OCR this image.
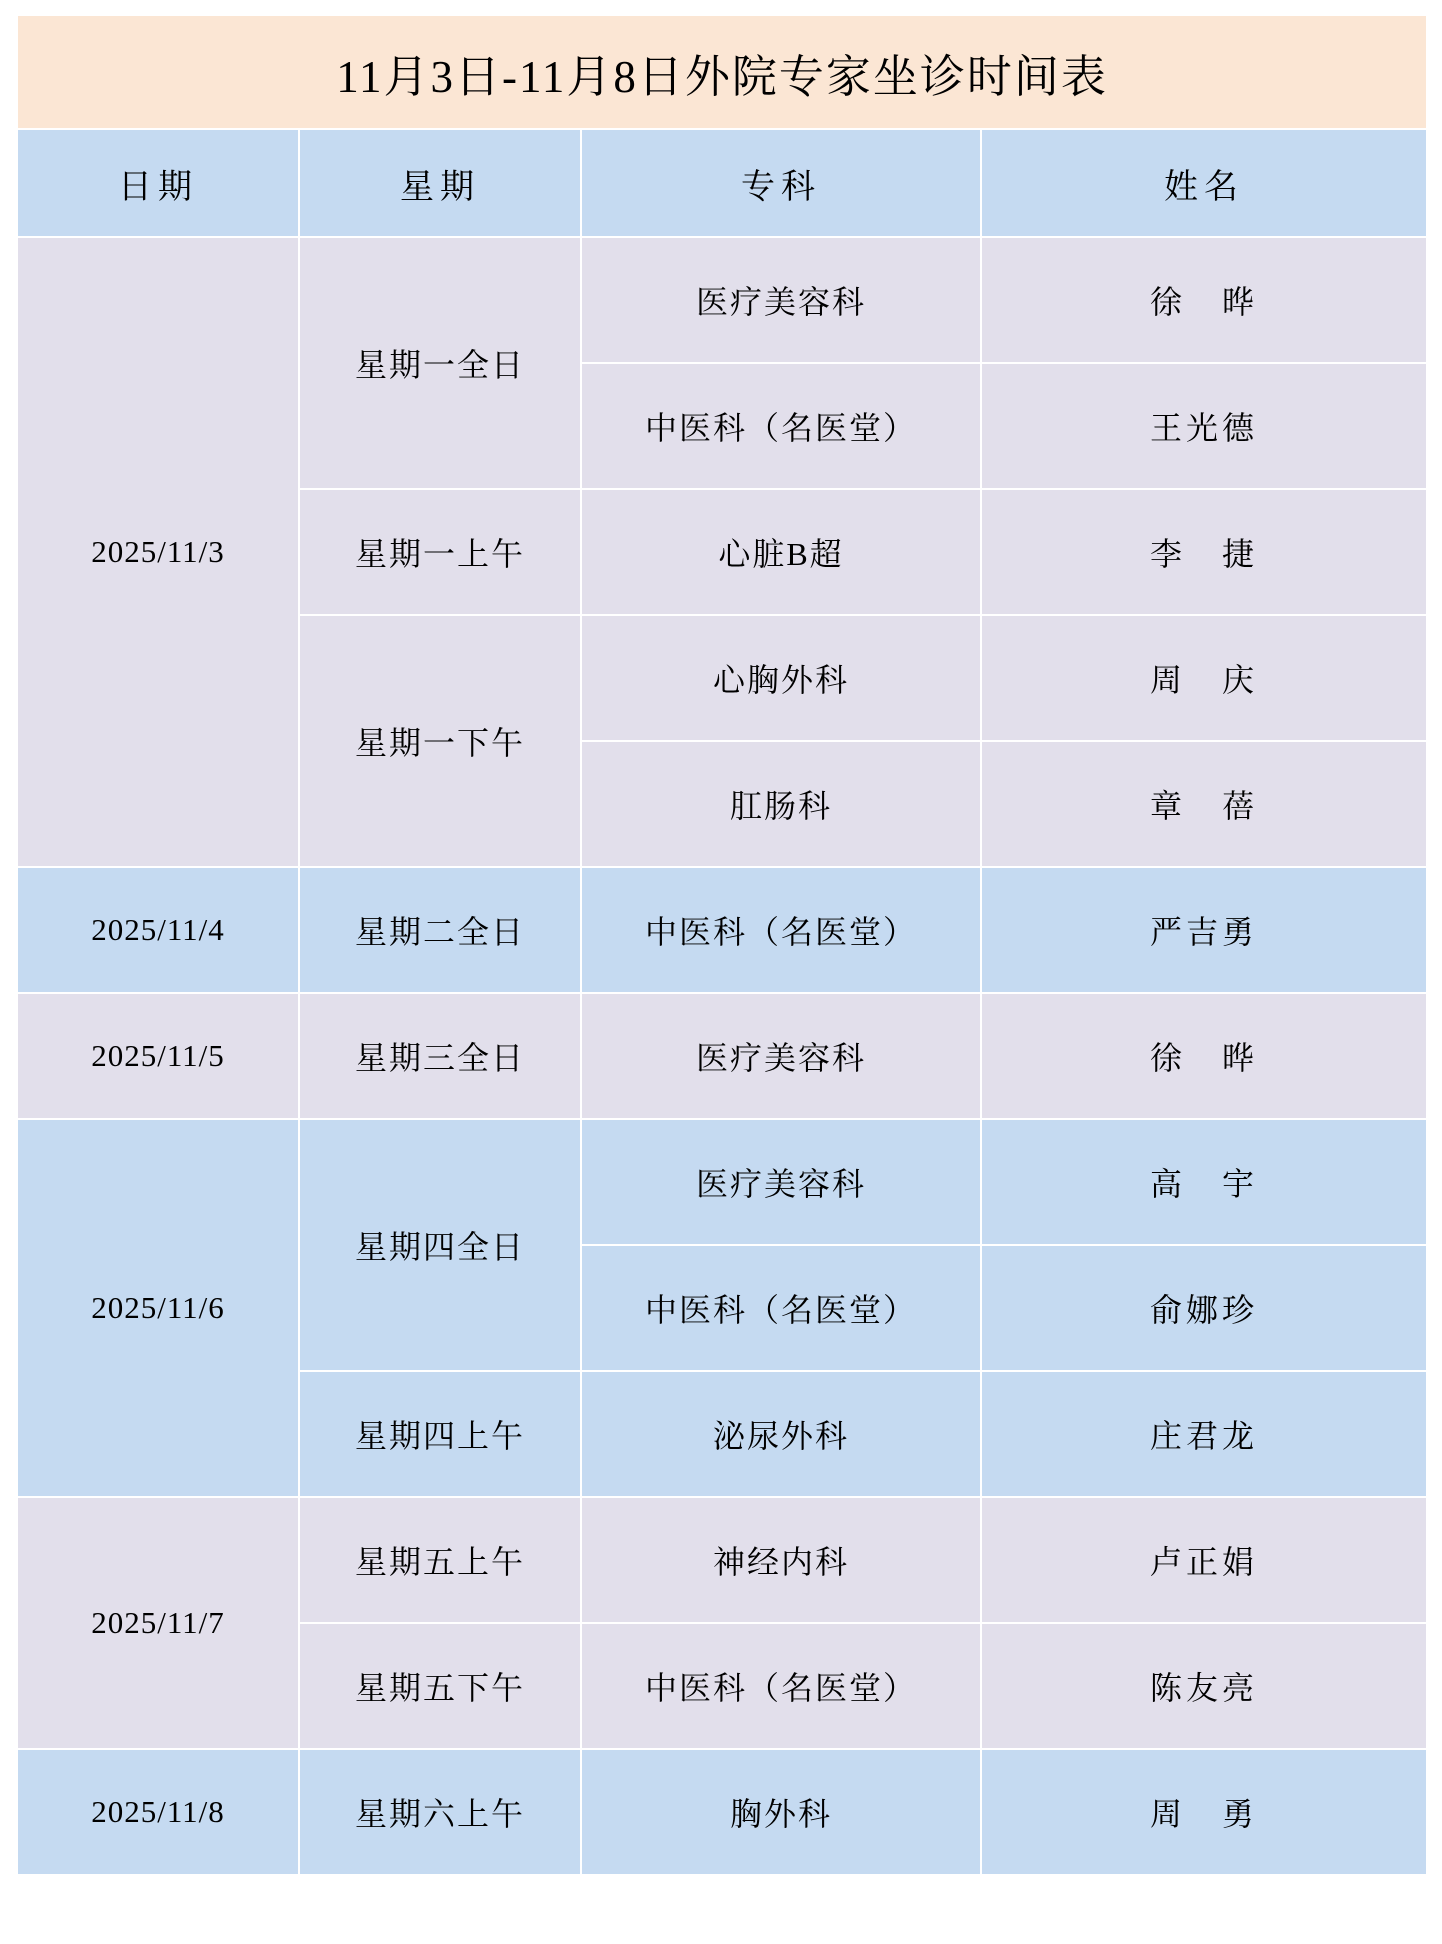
11月3日-11月8日外院专家坐诊时间表			
日期	星期	专科	姓名
2025/11/3	星期一全日	医疗美容科	徐　晔
		中医科（名医堂）	王光德
	星期一上午	心脏B超	李　捷
	星期一下午	心胸外科	周　庆
		肛肠科	章　蓓
2025/11/4	星期二全日	中医科（名医堂）	严吉勇
2025/11/5	星期三全日	医疗美容科	徐　晔
2025/11/6	星期四全日	医疗美容科	高　宇
		中医科（名医堂）	俞娜珍
	星期四上午	泌尿外科	庄君龙
2025/11/7	星期五上午	神经内科	卢正娟
	星期五下午	中医科（名医堂）	陈友亮
2025/11/8	星期六上午	胸外科	周　勇
